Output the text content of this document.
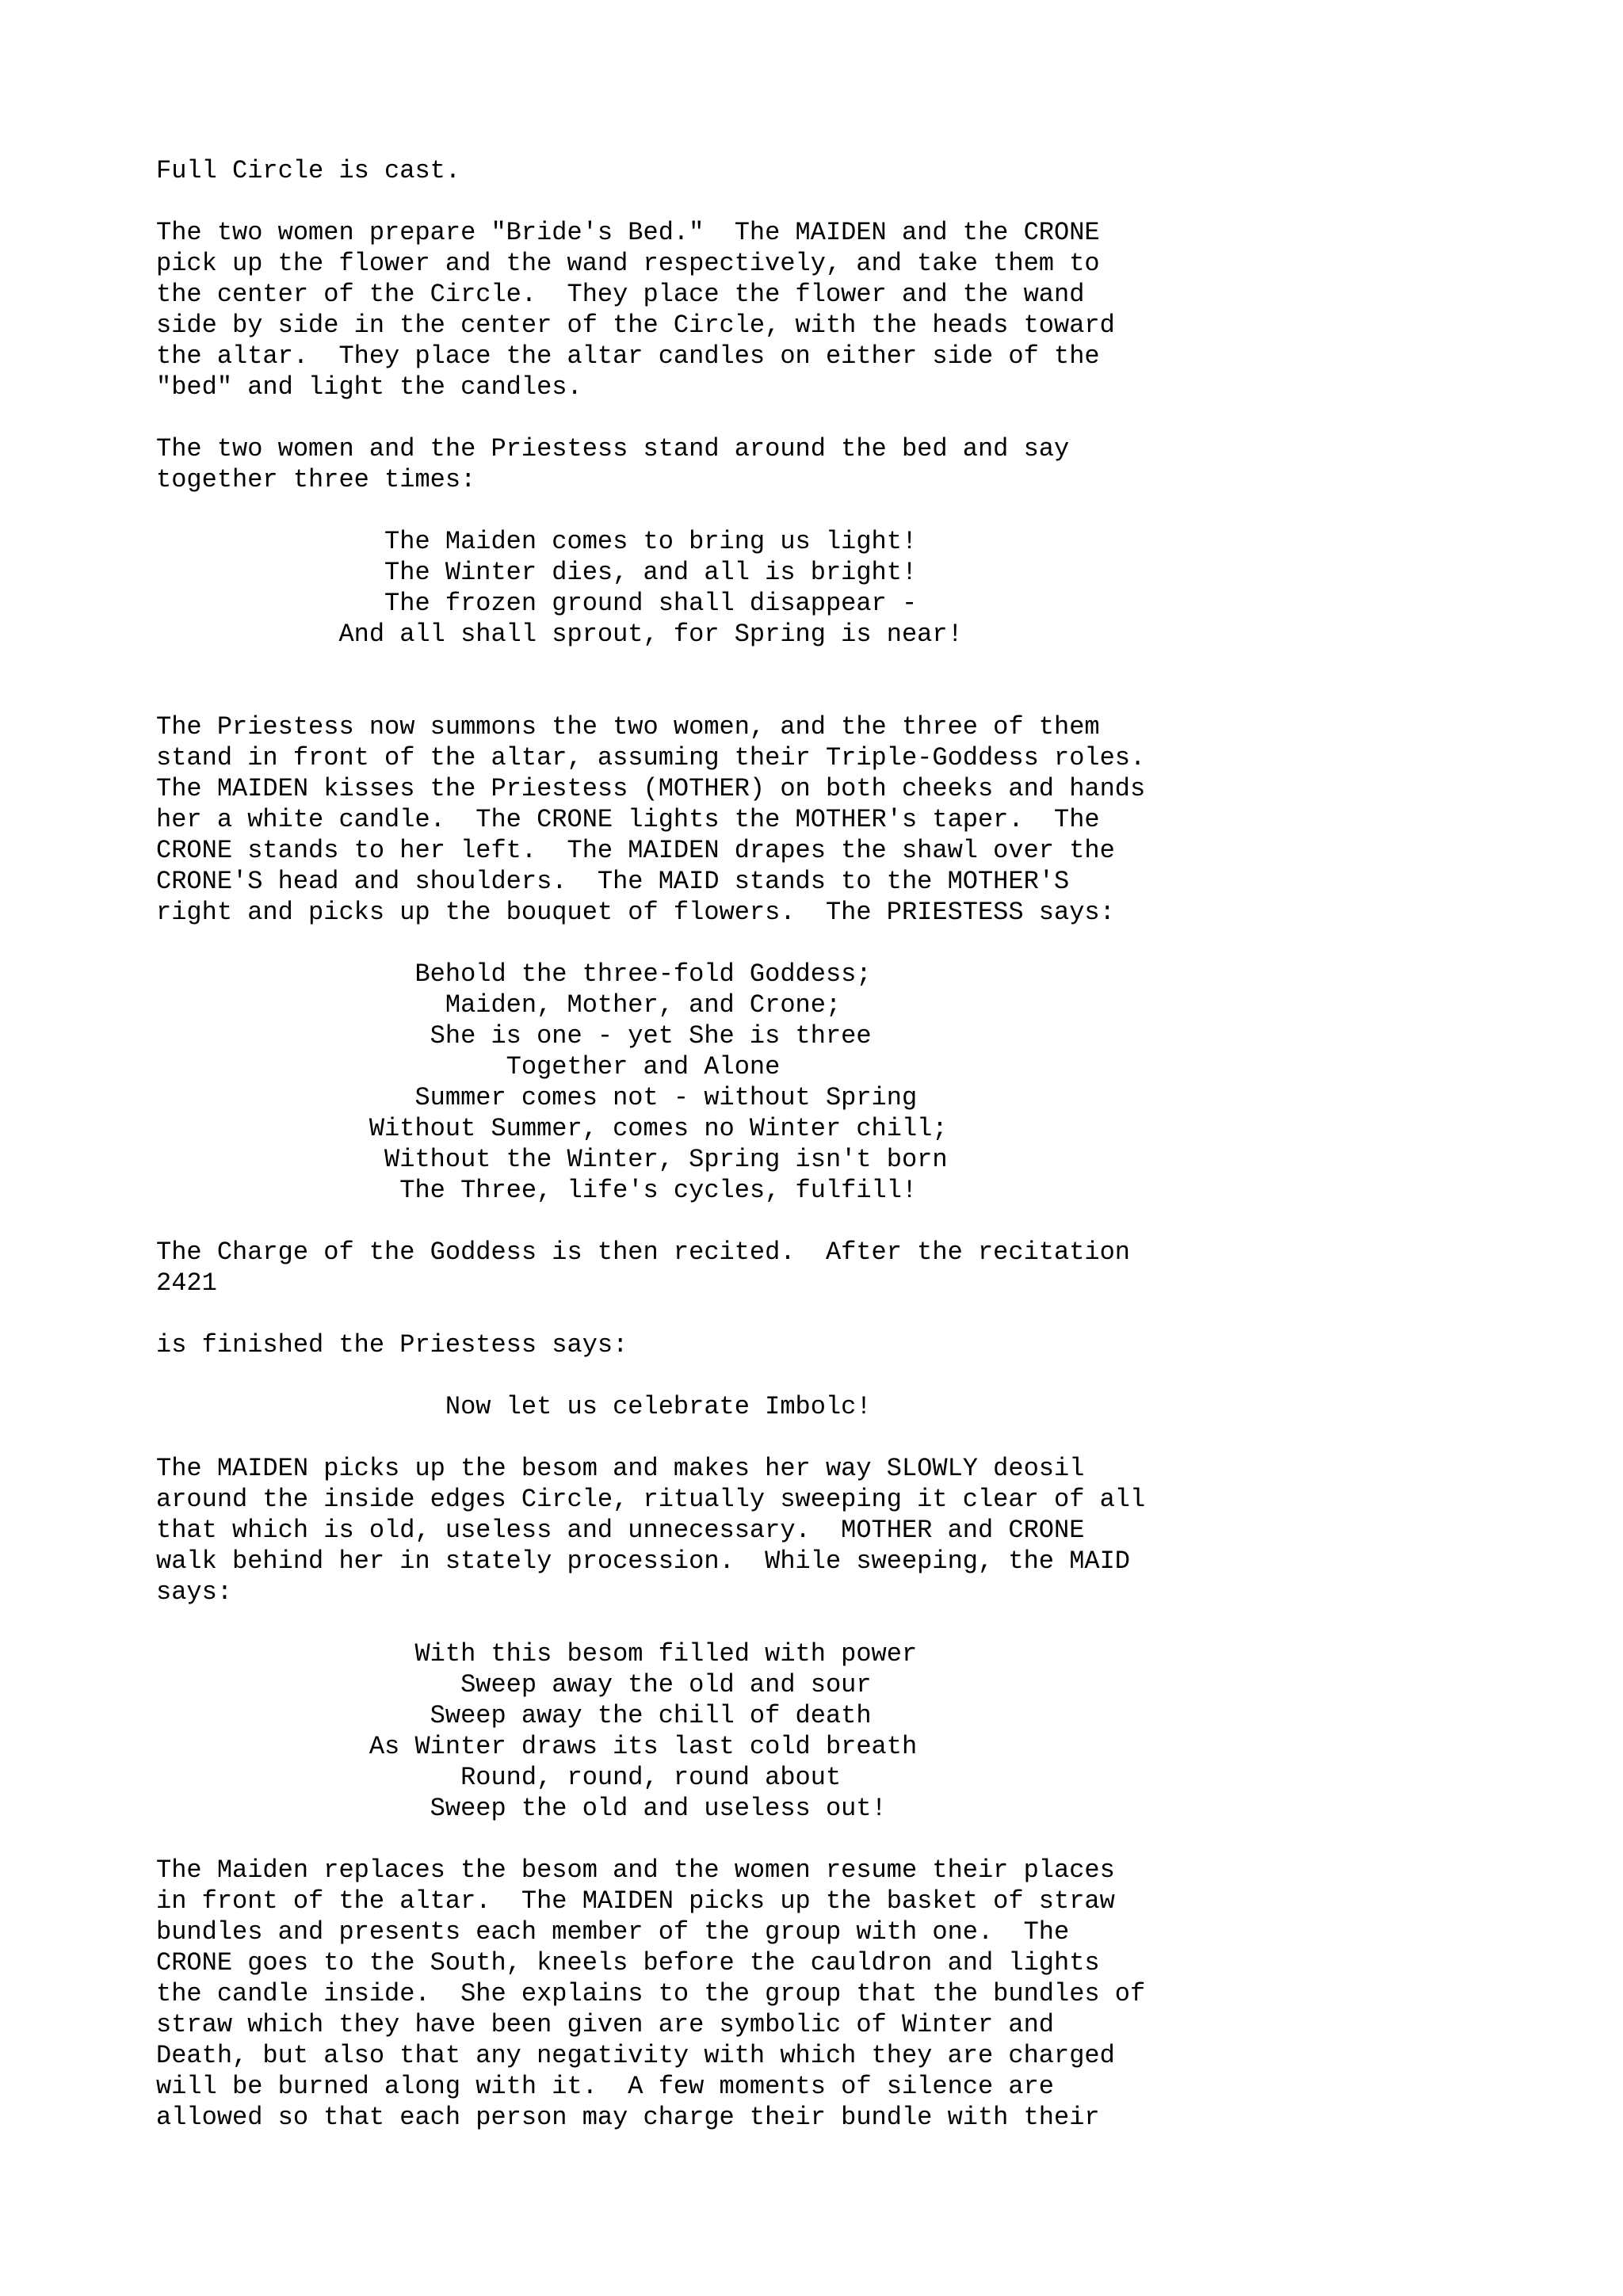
Full Circle is cast.

The two women prepare "Bride's Bed."  The MAIDEN and the CRONE

pick up the flower and the wand respectively, and take them to

the center of the Circle.  They place the flower and the wand

side by side in the center of the Circle, with the heads toward

the altar.  They place the altar candles on either side of the

"bed" and light the candles.

The two women and the Priestess stand around the bed and say

together three times:

The Maiden comes to bring us light!

The Winter dies, and all is bright!

The frozen ground shall disappear -

And all shall sprout, for Spring is near!

The Priestess now summons the two women, and the three of them

stand in front of the altar, assuming their Triple-Goddess roles.

The MAIDEN kisses the Priestess (MOTHER) on both cheeks and hands

her a white candle.  The CRONE lights the MOTHER's taper.  The

CRONE stands to her left.  The MAIDEN drapes the shawl over the

CRONE'S head and shoulders.  The MAID stands to the MOTHER'S

right and picks up the bouquet of flowers.  The PRIESTESS says:

Behold the three-fold Goddess;

Maiden, Mother, and Crone;

She is one - yet She is three

Together and Alone

Summer comes not - without Spring

Without Summer, comes no Winter chill;

Without the Winter, Spring isn't born

The Three, life's cycles, fulfill!

The Charge of the Goddess is then recited.  After the recitation

2421

is finished the Priestess says:

Now let us celebrate Imbolc!

The MAIDEN picks up the besom and makes her way SLOWLY deosil

around the inside edges Circle, ritually sweeping it clear of all

that which is old, useless and unnecessary.  MOTHER and CRONE

walk behind her in stately procession.  While sweeping, the MAID

says:

With this besom filled with power

Sweep away the old and sour

Sweep away the chill of death

As Winter draws its last cold breath

Round, round, round about

Sweep the old and useless out!

The Maiden replaces the besom and the women resume their places

in front of the altar.  The MAIDEN picks up the basket of straw

bundles and presents each member of the group with one.  The

CRONE goes to the South, kneels before the cauldron and lights

the candle inside.  She explains to the group that the bundles of

straw which they have been given are symbolic of Winter and

Death, but also that any negativity with which they are charged

will be burned along with it.  A few moments of silence are

allowed so that each person may charge their bundle with their
